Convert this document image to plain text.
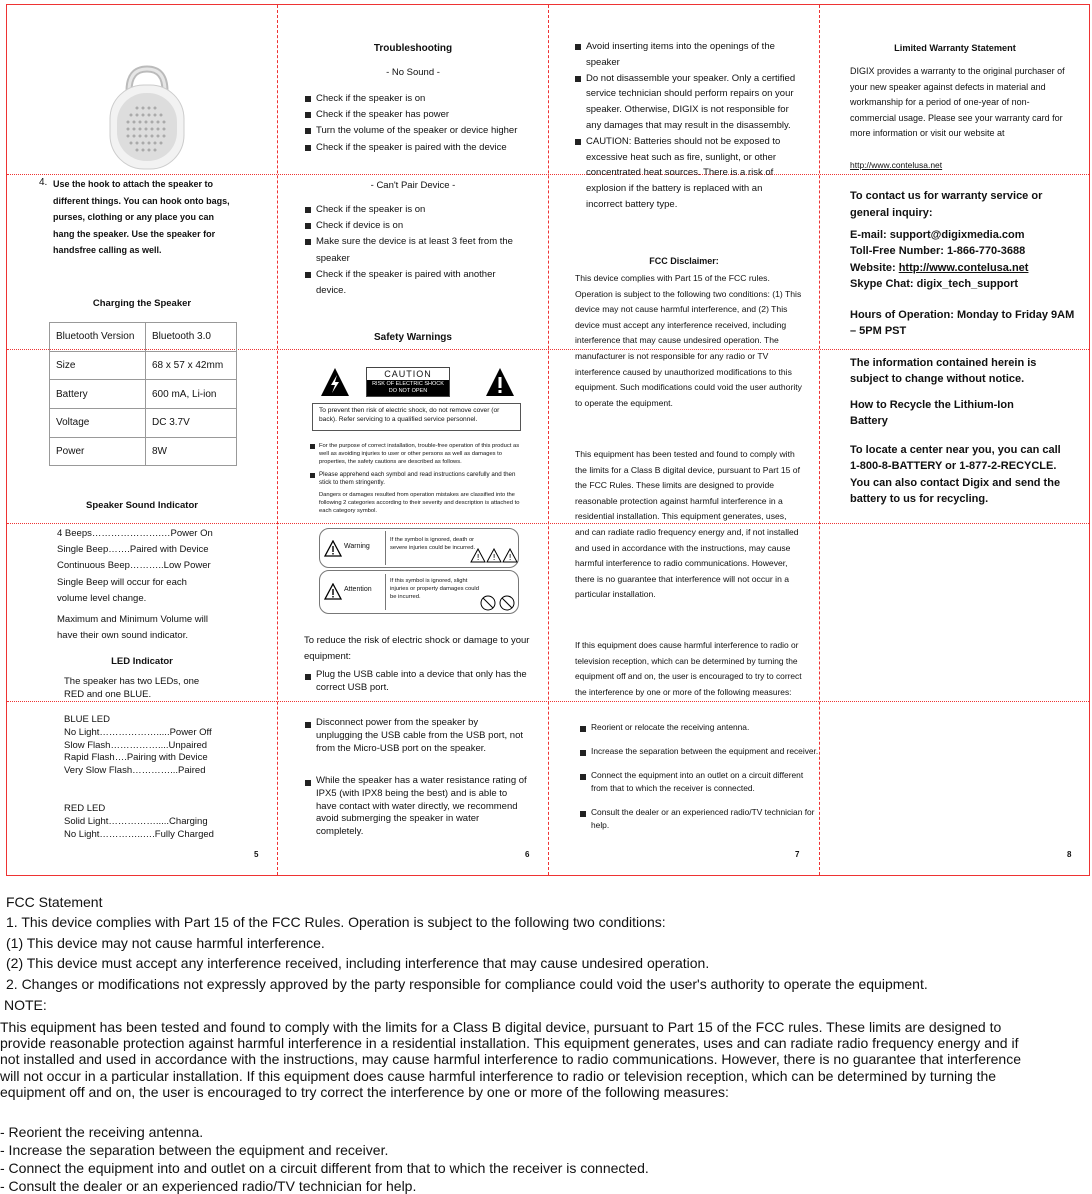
4. Use the hook to attach the speaker to
different things. You can hook onto bags,
purses, clothing or any place you can
hang the speaker. Use the speaker for
handsfree calling as well.
Charging the Speaker
Bluetooth Version	Bluetooth 3.0
Size	68 x 57 x 42mm
Battery	600 mA, Li-ion
Voltage	DC 3.7V
Power	8W
Speaker Sound Indicator
4 Beeps………………….…Power On
Single Beep…….Paired with Device
Continuous Beep………..Low Power
Single Beep will occur for each
volume level change.
Maximum and Minimum Volume will
have their own sound indicator.
LED Indicator
The speaker has two LEDs, one
RED and one BLUE.
BLUE LED
No Light……………….....Power Off
Slow Flash……………....Unpaired
Rapid Flash….Pairing with Device
Very Slow Flash…………...Paired
RED LED
Solid Light…………….....Charging
No Light…………..….Fully Charged
5
Troubleshooting
- No Sound -
Check if the speaker is on
Check if the speaker has power
Turn the volume of the speaker or device higher
Check if the speaker is paired with the device
- Can't Pair Device -
Check if the speaker is on
Check if device is on
Make sure the device is at least 3 feet from the speaker
Check if the speaker is paired with another device.
Safety Warnings
CAUTION
RISK OF ELECTRIC SHOCK DO NOT OPEN
To prevent then risk of electric shock, do not remove cover (or back). Refer servicing to a qualified service personnel.
For the purpose of correct installation, trouble-free operation of this product as well as avoiding injuries to user or other persons as well as damages to properties, the safety cautions are described as follows.
Please apprehend each symbol and read instructions carefully and then stick to them stringently.
Dangers or damages resulted from operation mistakes are classified into the following 2 categories according to their severity and description is attached to each category symbol.
Warning
If the symbol is ignored, death or severe injuries could be incurred.
! ! !
Attention
If this symbol is ignored, slight injuries or property damages could be incurred.
To reduce the risk of electric shock or damage to your equipment:
Plug the USB cable into a device that only has the correct USB port.
Disconnect power from the speaker by unplugging the USB cable from the USB port, not from the Micro-USB port on the speaker.
While the speaker has a water resistance rating of IPX5 (with IPX8 being the best) and is able to have contact with water directly, we recommend avoid submerging the speaker in water completely.
6
Avoid inserting items into the openings of the speaker
Do not disassemble your speaker. Only a certified service technician should perform repairs on your speaker. Otherwise, DIGIX is not responsible for any damages that may result in the disassembly.
CAUTION: Batteries should not be exposed to excessive heat such as fire, sunlight, or other concentrated heat sources. There is a risk of explosion if the battery is replaced with an incorrect battery type.
FCC Disclaimer:
This device complies with Part 15 of the FCC rules. Operation is subject to the following two conditions: (1) This device may not cause harmful interference, and (2) This device must accept any interference received, including interference that may cause undesired operation. The manufacturer is not responsible for any radio or TV interference caused by unauthorized modifications to this equipment. Such modifications could void the user authority to operate the equipment.
This equipment has been tested and found to comply with the limits for a Class B digital device, pursuant to Part 15 of the FCC Rules. These limits are designed to provide reasonable protection against harmful interference in a residential installation. This equipment generates, uses, and can radiate radio frequency energy and, if not installed and used in accordance with the instructions, may cause harmful interference to radio communications. However, there is no guarantee that interference will not occur in a particular installation.
If this equipment does cause harmful interference to radio or television reception, which can be determined by turning the equipment off and on, the user is encouraged to try to correct the interference by one or more of the following measures:
Reorient or relocate the receiving antenna.
Increase the separation between the equipment and receiver.
Connect the equipment into an outlet on a circuit different from that to which the receiver is connected.
Consult the dealer or an experienced radio/TV technician for help.
7
Limited Warranty Statement
DIGIX provides a warranty to the original purchaser of your new speaker against defects in material and workmanship for a period of one-year of non-commercial usage. Please see your warranty card for more information or visit our website at
http://www.contelusa.net
To contact us for warranty service or general inquiry:
E-mail: support@digixmedia.com
Toll-Free Number: 1-866-770-3688
Website: http://www.contelusa.net
Skype Chat: digix_tech_support
Hours of Operation: Monday to Friday 9AM – 5PM PST
The information contained herein is subject to change without notice.
How to Recycle the Lithium-Ion Battery
To locate a center near you, you can call 1-800-8-BATTERY or 1-877-2-RECYCLE. You can also contact Digix and send the battery to us for recycling.
8
FCC Statement
1. This device complies with Part 15 of the FCC Rules. Operation is subject to the following two conditions:
(1) This device may not cause harmful interference.
(2) This device must accept any interference received, including interference that may cause undesired operation.
2. Changes or modifications not expressly approved by the party responsible for compliance could void the user's authority to operate the equipment.
NOTE:
This equipment has been tested and found to comply with the limits for a Class B digital device, pursuant to Part 15 of the FCC rules. These limits are designed to provide reasonable protection against harmful interference in a residential installation. This equipment generates, uses and can radiate radio frequency energy and if not installed and used in accordance with the instructions, may cause harmful interference to radio communications. However, there is no guarantee that interference will not occur in a particular installation. If this equipment does cause harmful interference to radio or television reception, which can be determined by turning the equipment off and on, the user is encouraged to try correct the interference by one or more of the following measures:
- Reorient the receiving antenna.
- Increase the separation between the equipment and receiver.
- Connect the equipment into and outlet on a circuit different from that to which the receiver is connected.
- Consult the dealer or an experienced radio/TV technician for help.
